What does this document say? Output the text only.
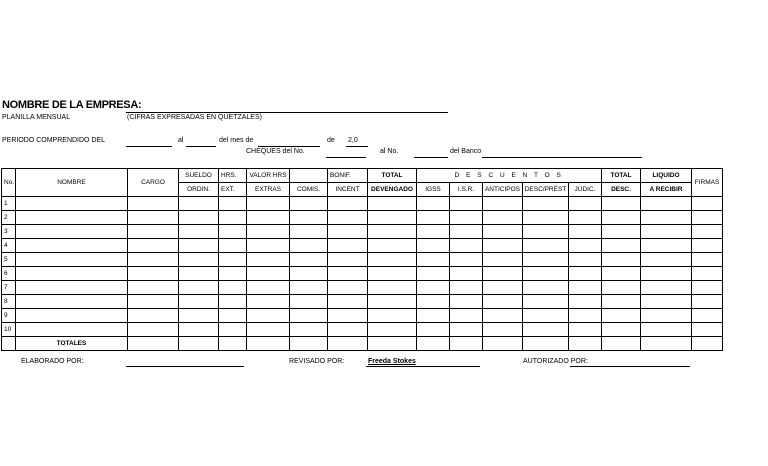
NOMBRE DE LA EMPRESA:
PLANILLA MENSUAL	(CIFRAS EXPRESADAS EN QUETZALES)
PERIODO COMPRENDIDO DEL	al	del mes de	de 2,0
CHEQUES del No.	al No.	del Banco
No.	NOMBRE	CARGO	SUELDO	HRS.	VALOR HRS		BONIF.	TOTAL	D E S C U E N T O S					TOTAL	LIQUIDO	FIRMAS
			ORDIN.	EXT.	EXTRAS	COMIS.	INCENT	DEVENGADO	IGSS	I.S.R.	ANTICIPOS	DESC/PRÉST	JUDIC.	DESC.	A RECIBIR	
1																
2																
3																
4																
5																
6																
7																
8																
9																
10																
	TOTALES															
ELABORADO POR:	REVISADO POR:	Freeda Stokes	AUTORIZADO POR:
